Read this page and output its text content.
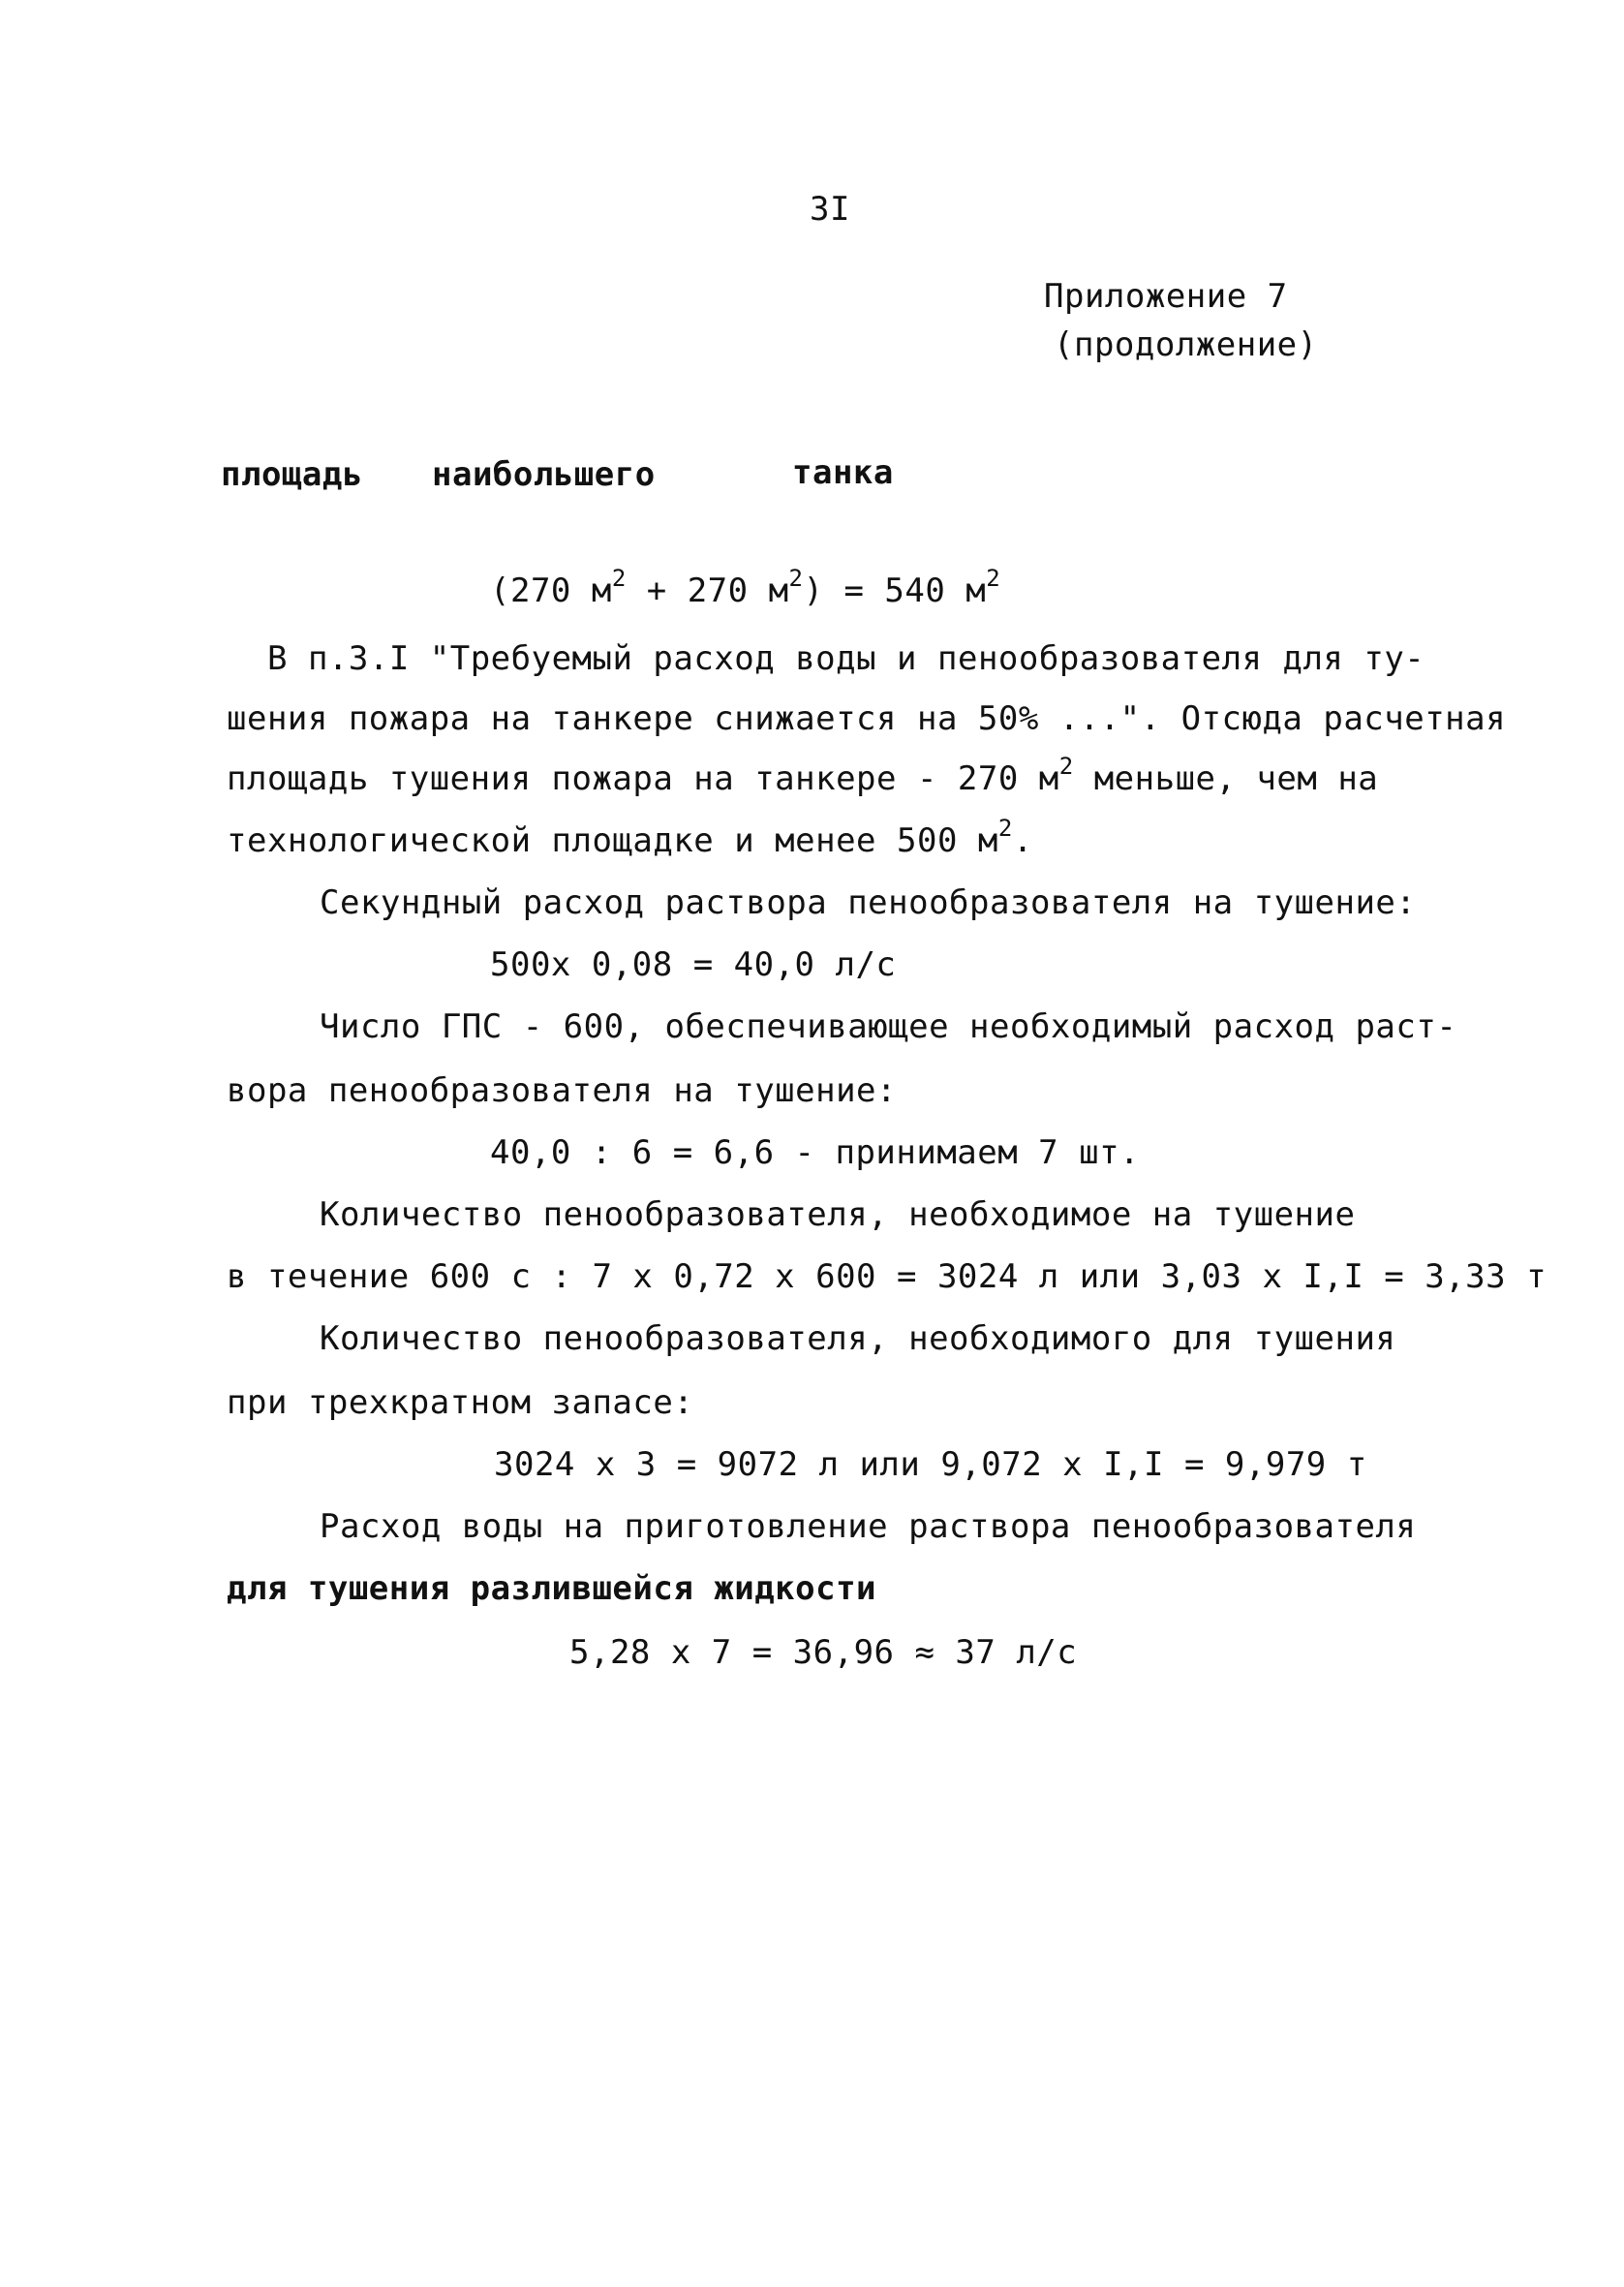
3I
Приложение 7
(продолжение)
площадь наибольшего	танка
(270 $м^2 + 270$ $м^2) = 540$ $м^2$
В п.3.I "Требуемый расход воды и пенообразователя для ту-
шения пожара на танкере снижается на 50% ...". Отсюда расчетная
площадь тушения пожара на танкере - 270 $м^2$ меньше, чем на
технологической площадке и менее 500 $м^2$.
Секундный расход раствора пенообразователя на тушение:
500х 0,08 = 40,0 л/с
Число ГПС - 600, обеспечивающее необходимый расход раст-
вора пенообразователя на тушение:
40,0 : 6 = 6,6 - принимаем 7 шт.
Количество пенообразователя, необходимое на тушение
в течение 600 с : 7 х 0,72 х 600 = 3024 л или 3,03 х I,I = 3,33 т
Количество пенообразователя, необходимого для тушения
при трехкратном запасе:
3024 х 3 = 9072 л или 9,072 х I,I = 9,979 т
Расход воды на приготовление раствора пенообразователя
для тушения разлившейся жидкости
5,28 х 7 = 36,96 ≈ 37 л/с
